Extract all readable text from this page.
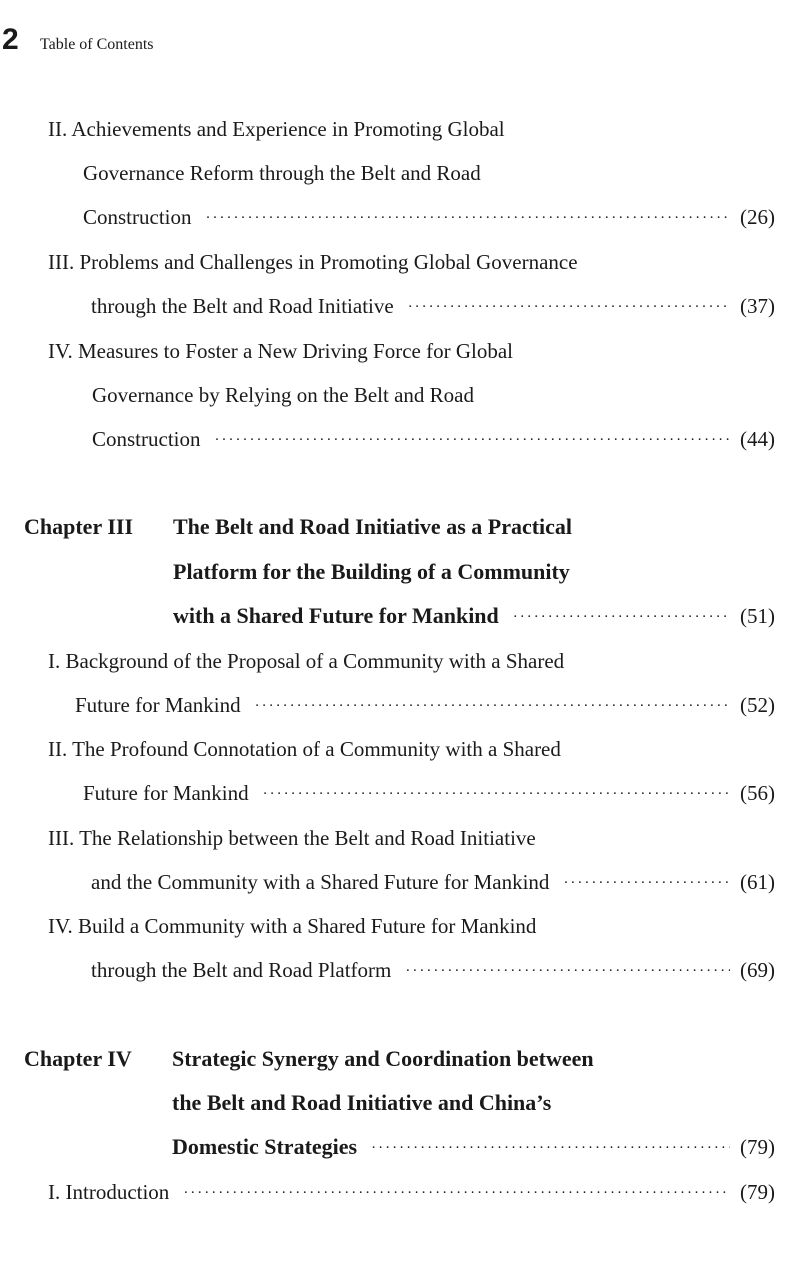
2 Table of Contents
II. Achievements and Experience in Promoting Global
Governance Reform through the Belt and Road
Construction ·····	(26)
III. Problems and Challenges in Promoting Global Governance
through the Belt and Road Initiative ·····	(37)
IV. Measures to Foster a New Driving Force for Global
Governance by Relying on the Belt and Road
Construction ·····	(44)
Chapter III The Belt and Road Initiative as a Practical
Platform for the Building of a Community
with a Shared Future for Mankind ·····	(51)
I. Background of the Proposal of a Community with a Shared
Future for Mankind ·····	(52)
II. The Profound Connotation of a Community with a Shared
Future for Mankind ·····	(56)
III. The Relationship between the Belt and Road Initiative
and the Community with a Shared Future for Mankind ·····	(61)
IV. Build a Community with a Shared Future for Mankind
through the Belt and Road Platform ·····	(69)
Chapter IV Strategic Synergy and Coordination between
the Belt and Road Initiative and China’s
Domestic Strategies ·····	(79)
I. Introduction ·····	(79)
